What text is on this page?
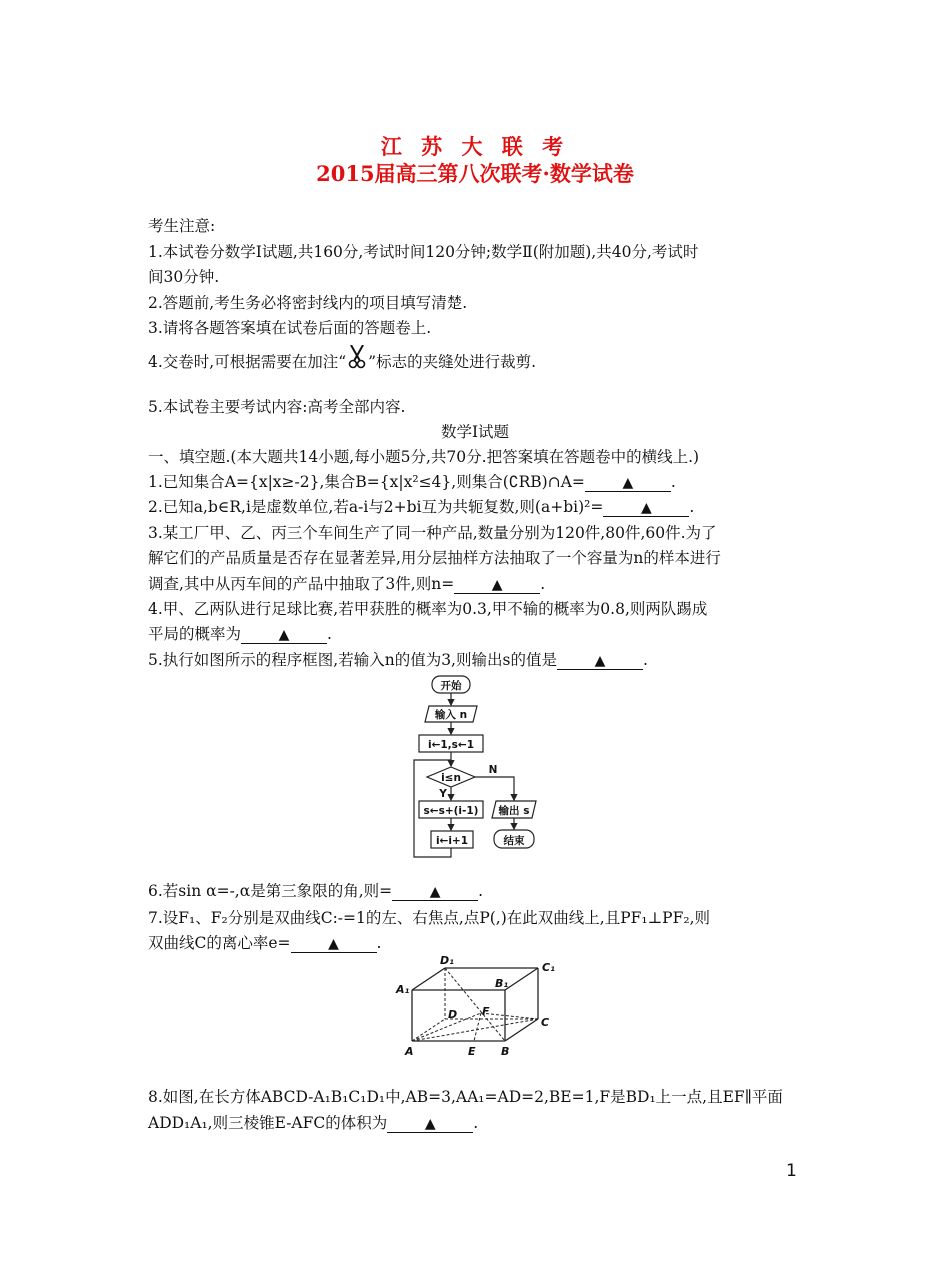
江 苏 大 联 考
2015届高三第八次联考·数学试卷
考生注意:
1.本试卷分数学Ⅰ试题,共160分,考试时间120分钟;数学Ⅱ(附加题),共40分,考试时
间30分钟.
2.答题前,考生务必将密封线内的项目填写清楚.
3.请将各题答案填在试卷后面的答题卷上.
4.交卷时,可根据需要在加注“ ”标志的夹缝处进行裁剪.
5.本试卷主要考试内容:高考全部内容.
数学Ⅰ试题
一、填空题.(本大题共14小题,每小题5分,共70分.把答案填在答题卷中的横线上.)
1.已知集合A={x|x≥-2},集合B={x|x²≤4},则集合(∁RB)∩A=	▲ .
2.已知a,b∈R,i是虚数单位,若a-i与2+bi互为共轭复数,则(a+bi)²=	▲ .
3.某工厂甲、乙、丙三个车间生产了同一种产品,数量分别为120件,80件,60件.为了
解它们的产品质量是否存在显著差异,用分层抽样方法抽取了一个容量为n的样本进行
调查,其中从丙车间的产品中抽取了3件,则n=	▲ .
4.甲、乙两队进行足球比赛,若甲获胜的概率为0.3,甲不输的概率为0.8,则两队踢成
平局的概率为	▲ .
5.执行如图所示的程序框图,若输入n的值为3,则输出s的值是	▲ .
开始
输入 n
i←1,s←1
i≤n
Y
N
s←s+(i-1) 输出 s
结束
i←i+1
6.若sin α=-,α是第三象限的角,则=	▲ .
7.设F₁、F₂分别是双曲线C:-=1的左、右焦点,点P(,)在此双曲线上,且PF₁⊥PF₂,则
双曲线C的离心率e=	▲ .
D₁
C₁
A₁	B₁
D F
C
A	E B
8.如图,在长方体ABCD-A₁B₁C₁D₁中,AB=3,AA₁=AD=2,BE=1,F是BD₁上一点,且EF∥平面
ADD₁A₁,则三棱锥E-AFC的体积为	▲ .
1
